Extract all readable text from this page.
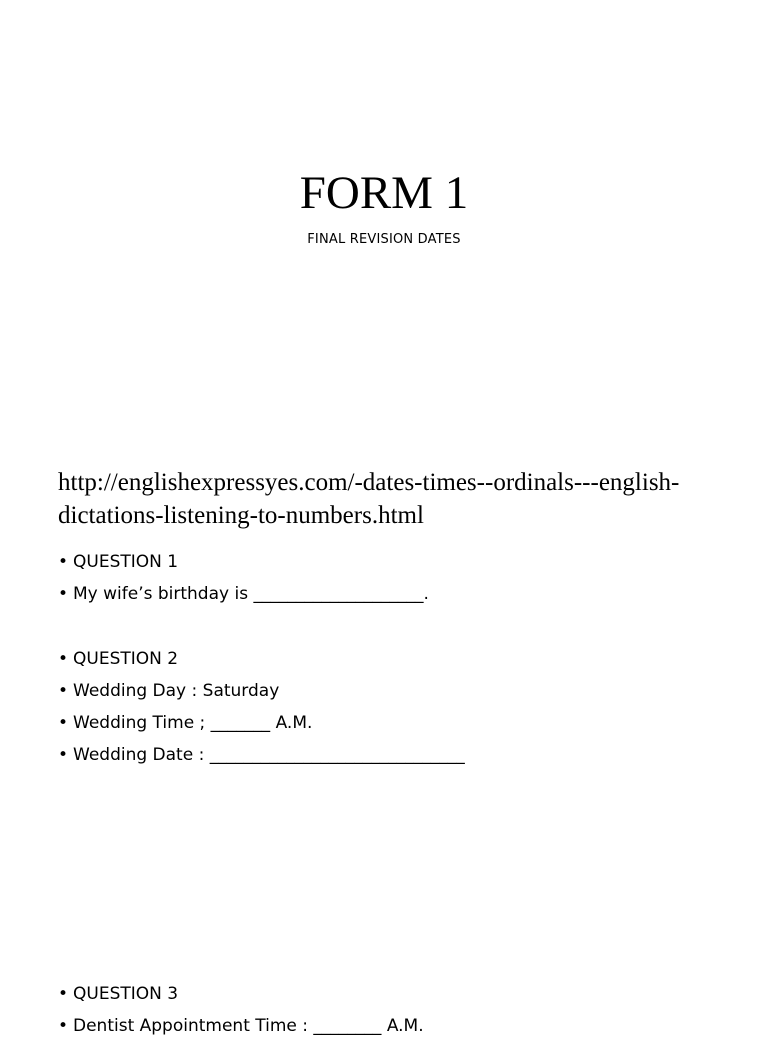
FORM 1
FINAL REVISION DATES
http://englishexpressyes.com/-dates-times--ordinals---english-dictations-listening-to-numbers.html
• QUESTION 1
• My wife’s birthday is ____________________.
• QUESTION 2
• Wedding Day : Saturday
• Wedding Time ; _______ A.M.
• Wedding Date : ______________________________
• QUESTION 3
• Dentist Appointment Time : ________ A.M.
